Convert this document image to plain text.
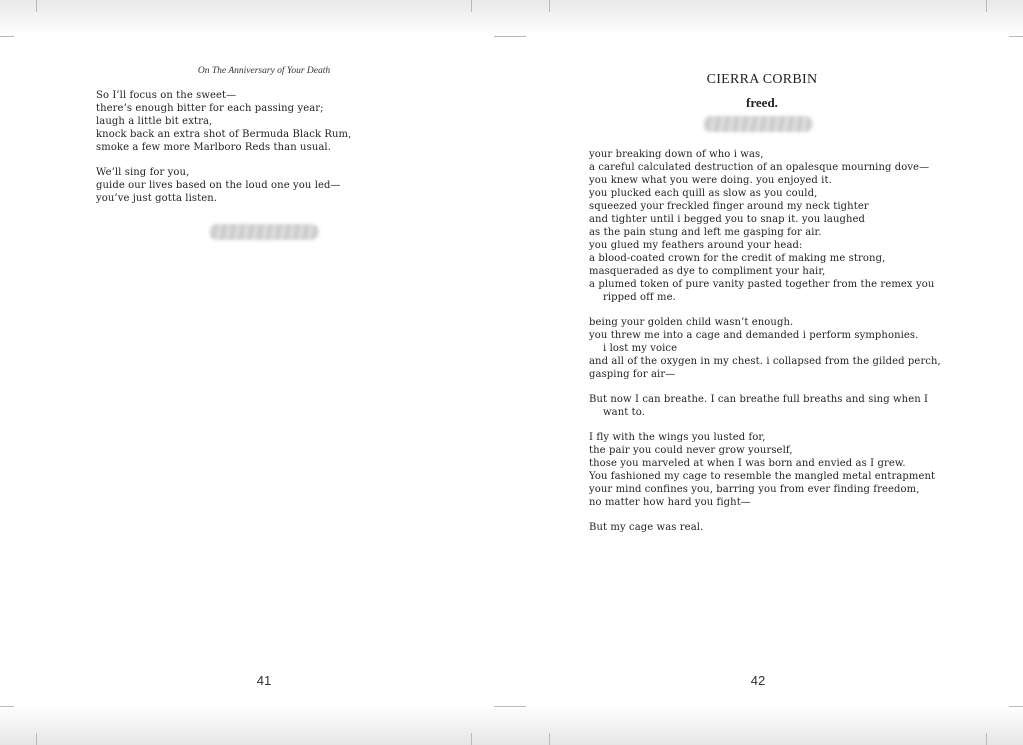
On The Anniversary of Your Death

So I’ll focus on the sweet—
there’s enough bitter for each passing year;
laugh a little bit extra,
knock back an extra shot of Bermuda Black Rum,
smoke a few more Marlboro Reds than usual.

We’ll sing for you,
guide our lives based on the loud one you led—
you’ve just gotta listen.

41
CIERRA CORBIN
freed.

your breaking down of who i was,
a careful calculated destruction of an opalesque mourning dove—
you knew what you were doing. you enjoyed it.
you plucked each quill as slow as you could,
squeezed your freckled finger around my neck tighter
and tighter until i begged you to snap it. you laughed
as the pain stung and left me gasping for air.
you glued my feathers around your head:
a blood-coated crown for the credit of making me strong,
masqueraded as dye to compliment your hair,
a plumed token of pure vanity pasted together from the remex you
ripped off me.

being your golden child wasn’t enough.
you threw me into a cage and demanded i perform symphonies.
i lost my voice
and all of the oxygen in my chest. i collapsed from the gilded perch,
gasping for air—

But now I can breathe. I can breathe full breaths and sing when I
want to.

I fly with the wings you lusted for,
the pair you could never grow yourself,
those you marveled at when I was born and envied as I grew.
You fashioned my cage to resemble the mangled metal entrapment
your mind confines you, barring you from ever finding freedom,
no matter how hard you fight—

But my cage was real.

42
